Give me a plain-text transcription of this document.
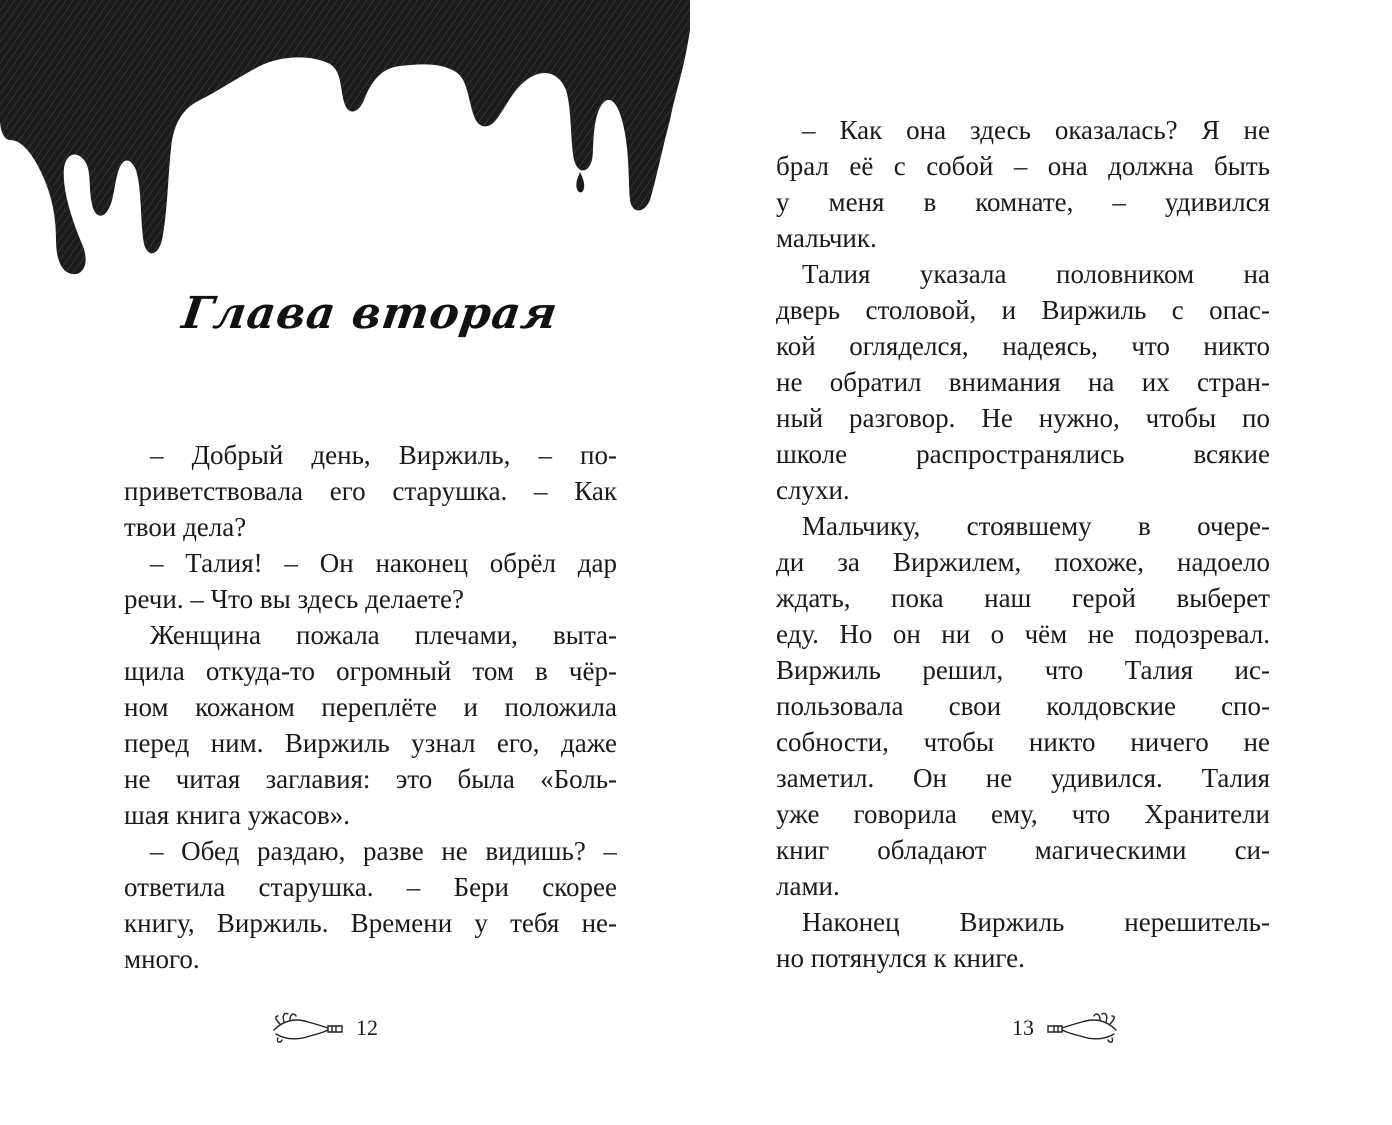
Глава вторая
– Добрый день, Виржиль, – по-
приветствовала его старушка. – Как
твои дела?
– Талия! – Он наконец обрёл дар
речи. – Что вы здесь делаете?
Женщина пожала плечами, выта-
щила откуда-то огромный том в чёр-
ном кожаном переплёте и положила
перед ним. Виржиль узнал его, даже
не читая заглавия: это была «Боль-
шая книга ужасов».
– Обед раздаю, разве не видишь? –
ответила старушка. – Бери скорее
книгу, Виржиль. Времени у тебя не-
много.
12
– Как она здесь оказалась? Я не
брал её с собой – она должна быть
у меня в комнате, – удивился
мальчик.
Талия указала половником на
дверь столовой, и Виржиль с опас-
кой огляделся, надеясь, что никто
не обратил внимания на их стран-
ный разговор. Не нужно, чтобы по
школе распространялись всякие
слухи.
Мальчику, стоявшему в очере-
ди за Виржилем, похоже, надоело
ждать, пока наш герой выберет
еду. Но он ни о чём не подозревал.
Виржиль решил, что Талия ис-
пользовала свои колдовские спо-
собности, чтобы никто ничего не
заметил. Он не удивился. Талия
уже говорила ему, что Хранители
книг обладают магическими си-
лами.
Наконец Виржиль нерешитель-
но потянулся к книге.
13
